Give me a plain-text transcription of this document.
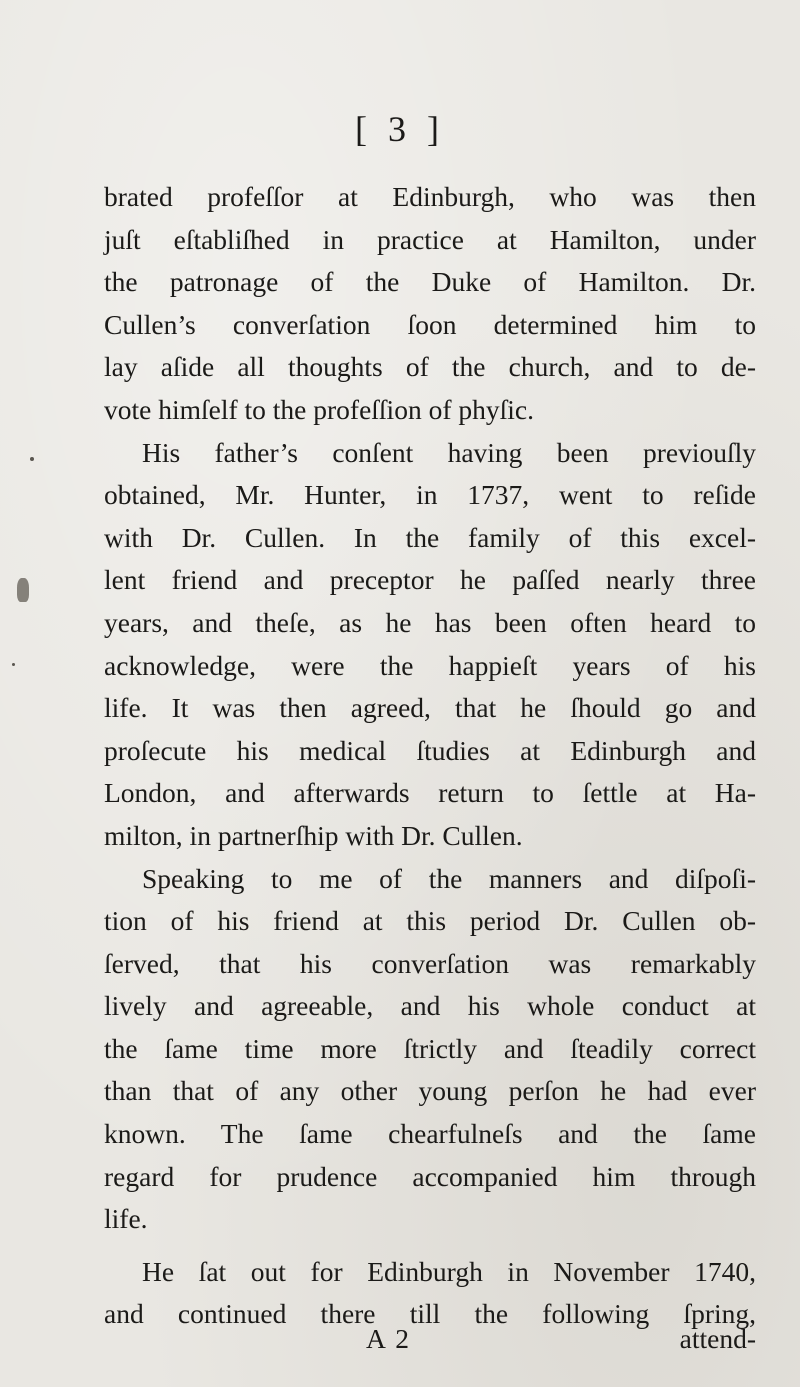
[ 3 ]
brated profeſſor at Edinburgh, who was then
juſt eſtabliſhed in practice at Hamilton, under
the patronage of the Duke of Hamilton. Dr.
Cullen’s converſation ſoon determined him to
lay aſide all thoughts of the church, and to de-
vote himſelf to the profeſſion of phyſic.
His father’s conſent having been previouſly
obtained, Mr. Hunter, in 1737, went to reſide
with Dr. Cullen. In the family of this excel-
lent friend and preceptor he paſſed nearly three
years, and theſe, as he has been often heard to
acknowledge, were the happieſt years of his
life. It was then agreed, that he ſhould go and
proſecute his medical ſtudies at Edinburgh and
London, and afterwards return to ſettle at Ha-
milton, in partnerſhip with Dr. Cullen.
Speaking to me of the manners and diſpoſi-
tion of his friend at this period Dr. Cullen ob-
ſerved, that his converſation was remarkably
lively and agreeable, and his whole conduct at
the ſame time more ſtrictly and ſteadily correct
than that of any other young perſon he had ever
known. The ſame chearfulneſs and the ſame
regard for prudence accompanied him through
life.
He ſat out for Edinburgh in November 1740,
and continued there till the following ſpring,
A 2	attend-
